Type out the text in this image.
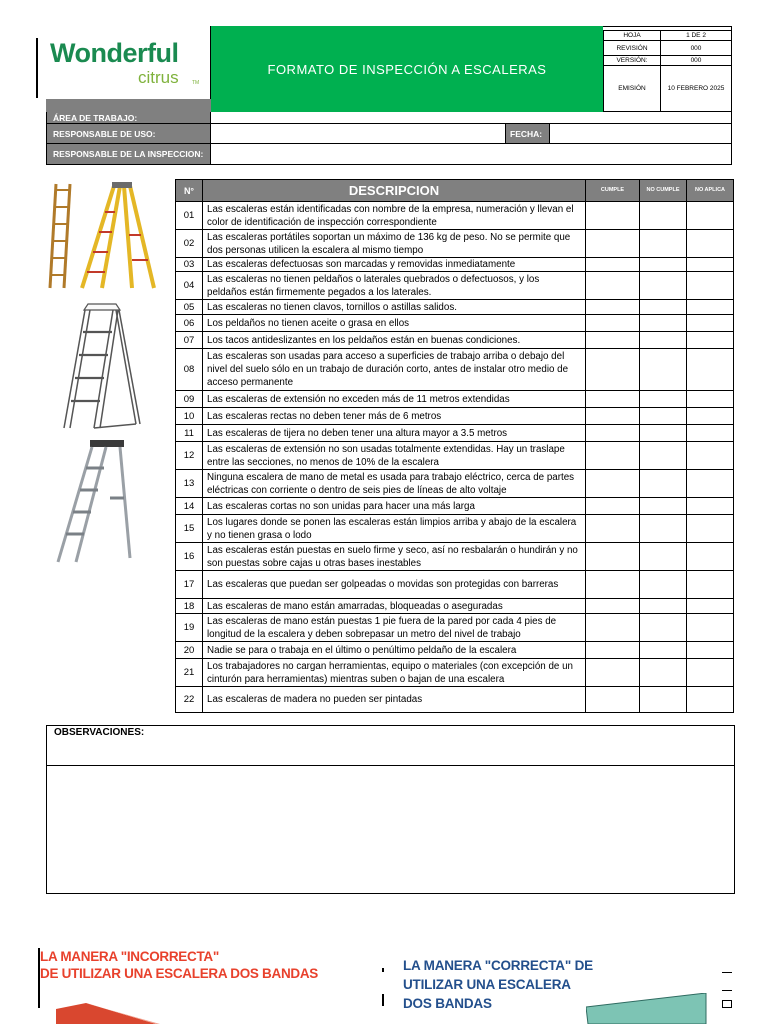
Wonderful
citrus	TM
FORMATO DE INSPECCIÓN A ESCALERAS
HOJA	1 DE 2
REVISIÓN	000
VERSIÓN:	000
EMISIÓN	10 FEBRERO 2025
ÁREA DE TRABAJO:
RESPONSABLE DE USO:	FECHA:
RESPONSABLE DE LA INSPECCION:
N°	DESCRIPCION	CUMPLE	NO CUMPLE	NO APLICA
01	Las escaleras están identificadas con nombre de la empresa, numeración y llevan el color de identificación de inspección correspondiente			
02	Las escaleras portátiles soportan un máximo de 136 kg de peso. No se permite que dos personas utilicen la escalera al mismo tiempo			
03	Las escaleras defectuosas son marcadas y removidas inmediatamente			
04	Las escaleras no tienen peldaños o laterales quebrados o defectuosos, y los peldaños están firmemente pegados a los laterales.			
05	Las escaleras no tienen clavos, tornillos o astillas salidos.			
06	Los peldaños no tienen aceite o grasa en ellos			
07	Los tacos antideslizantes en los peldaños están en buenas condiciones.			
08	Las escaleras son usadas para acceso a superficies de trabajo arriba o debajo del nivel del suelo sólo en un trabajo de duración corto, antes de instalar otro medio de acceso permanente			
09	Las escaleras de extensión no exceden más de 11 metros extendidas			
10	Las escaleras rectas no deben tener más de 6 metros			
11	Las escaleras de tijera no deben tener una altura mayor a 3.5 metros			
12	Las escaleras de extensión no son usadas totalmente extendidas. Hay un traslape entre las secciones, no menos de 10% de la escalera			
13	Ninguna escalera de mano de metal es usada para trabajo eléctrico, cerca de partes eléctricas con corriente o dentro de seis pies de líneas de alto voltaje			
14	Las escaleras cortas no son unidas para hacer una más larga			
15	Los lugares donde se ponen las escaleras están limpios arriba y abajo de la escalera y no tienen grasa o lodo			
16	Las escaleras están puestas en suelo firme y seco, así no resbalarán o hundirán y no son puestas sobre cajas u otras bases inestables			
17	Las escaleras que puedan ser golpeadas o movidas son protegidas con barreras			
18	Las escaleras de mano están amarradas, bloqueadas o aseguradas			
19	Las escaleras de mano están puestas 1 pie fuera de la pared por cada 4 pies de longitud de la escalera y deben sobrepasar un metro del nivel de trabajo			
20	Nadie se para o trabaja en el último o penúltimo peldaño de la escalera			
21	Los trabajadores no cargan herramientas, equipo o materiales (con excepción de un cinturón para herramientas) mientras suben o bajan de una escalera			
22	Las escaleras de madera no pueden ser pintadas			
OBSERVACIONES:
LA MANERA "INCORRECTA"
DE UTILIZAR UNA ESCALERA DOS BANDAS
LA MANERA "CORRECTA" DE
UTILIZAR UNA ESCALERA
DOS BANDAS
